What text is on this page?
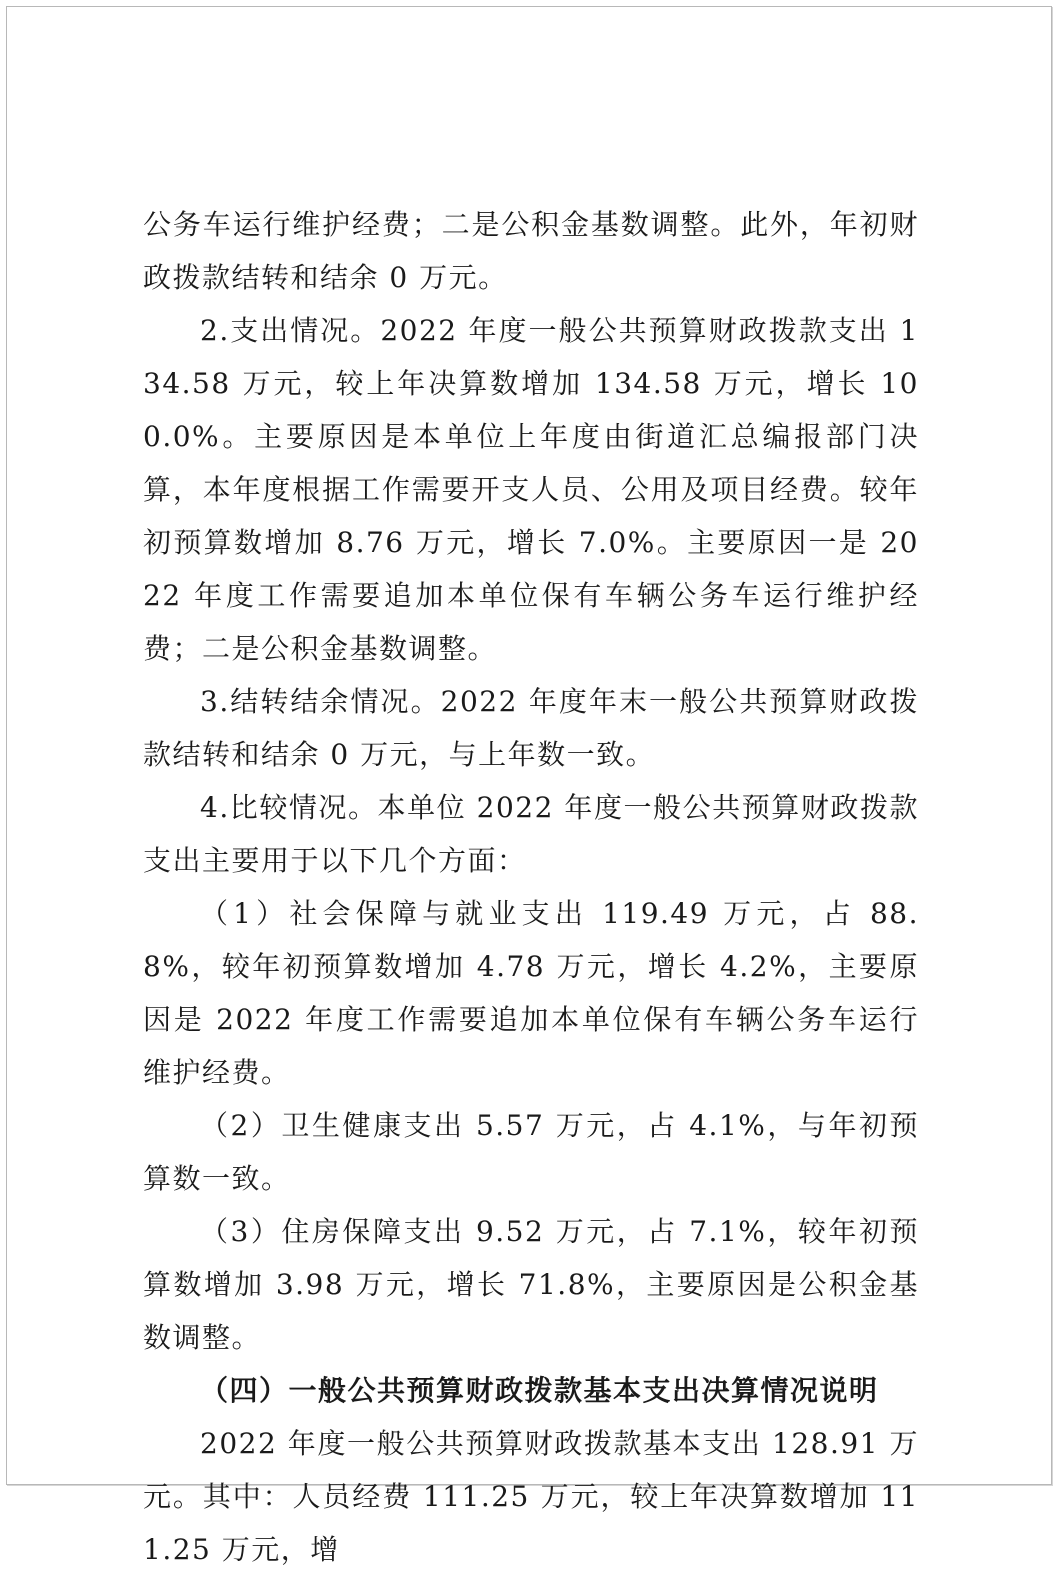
公务车运行维护经费；二是公积金基数调整。此外，年初财政拨款结转和结余 0 万元。

2.支出情况。2022 年度一般公共预算财政拨款支出 134.58 万元，较上年决算数增加 134.58 万元，增长 100.0%。主要原因是本单位上年度由街道汇总编报部门决算，本年度根据工作需要开支人员、公用及项目经费。较年初预算数增加 8.76 万元，增长 7.0%。主要原因一是 2022 年度工作需要追加本单位保有车辆公务车运行维护经费；二是公积金基数调整。

3.结转结余情况。2022 年度年末一般公共预算财政拨款结转和结余 0 万元，与上年数一致。

4.比较情况。本单位 2022 年度一般公共预算财政拨款支出主要用于以下几个方面：

（1）社会保障与就业支出 119.49 万元，占 88.8%，较年初预算数增加 4.78 万元，增长 4.2%，主要原因是 2022 年度工作需要追加本单位保有车辆公务车运行维护经费。

（2）卫生健康支出 5.57 万元，占 4.1%，与年初预算数一致。

（3）住房保障支出 9.52 万元，占 7.1%，较年初预算数增加 3.98 万元，增长 71.8%，主要原因是公积金基数调整。

（四）一般公共预算财政拨款基本支出决算情况说明

2022 年度一般公共预算财政拨款基本支出 128.91 万元。其中：人员经费 111.25 万元，较上年决算数增加 111.25 万元，增
